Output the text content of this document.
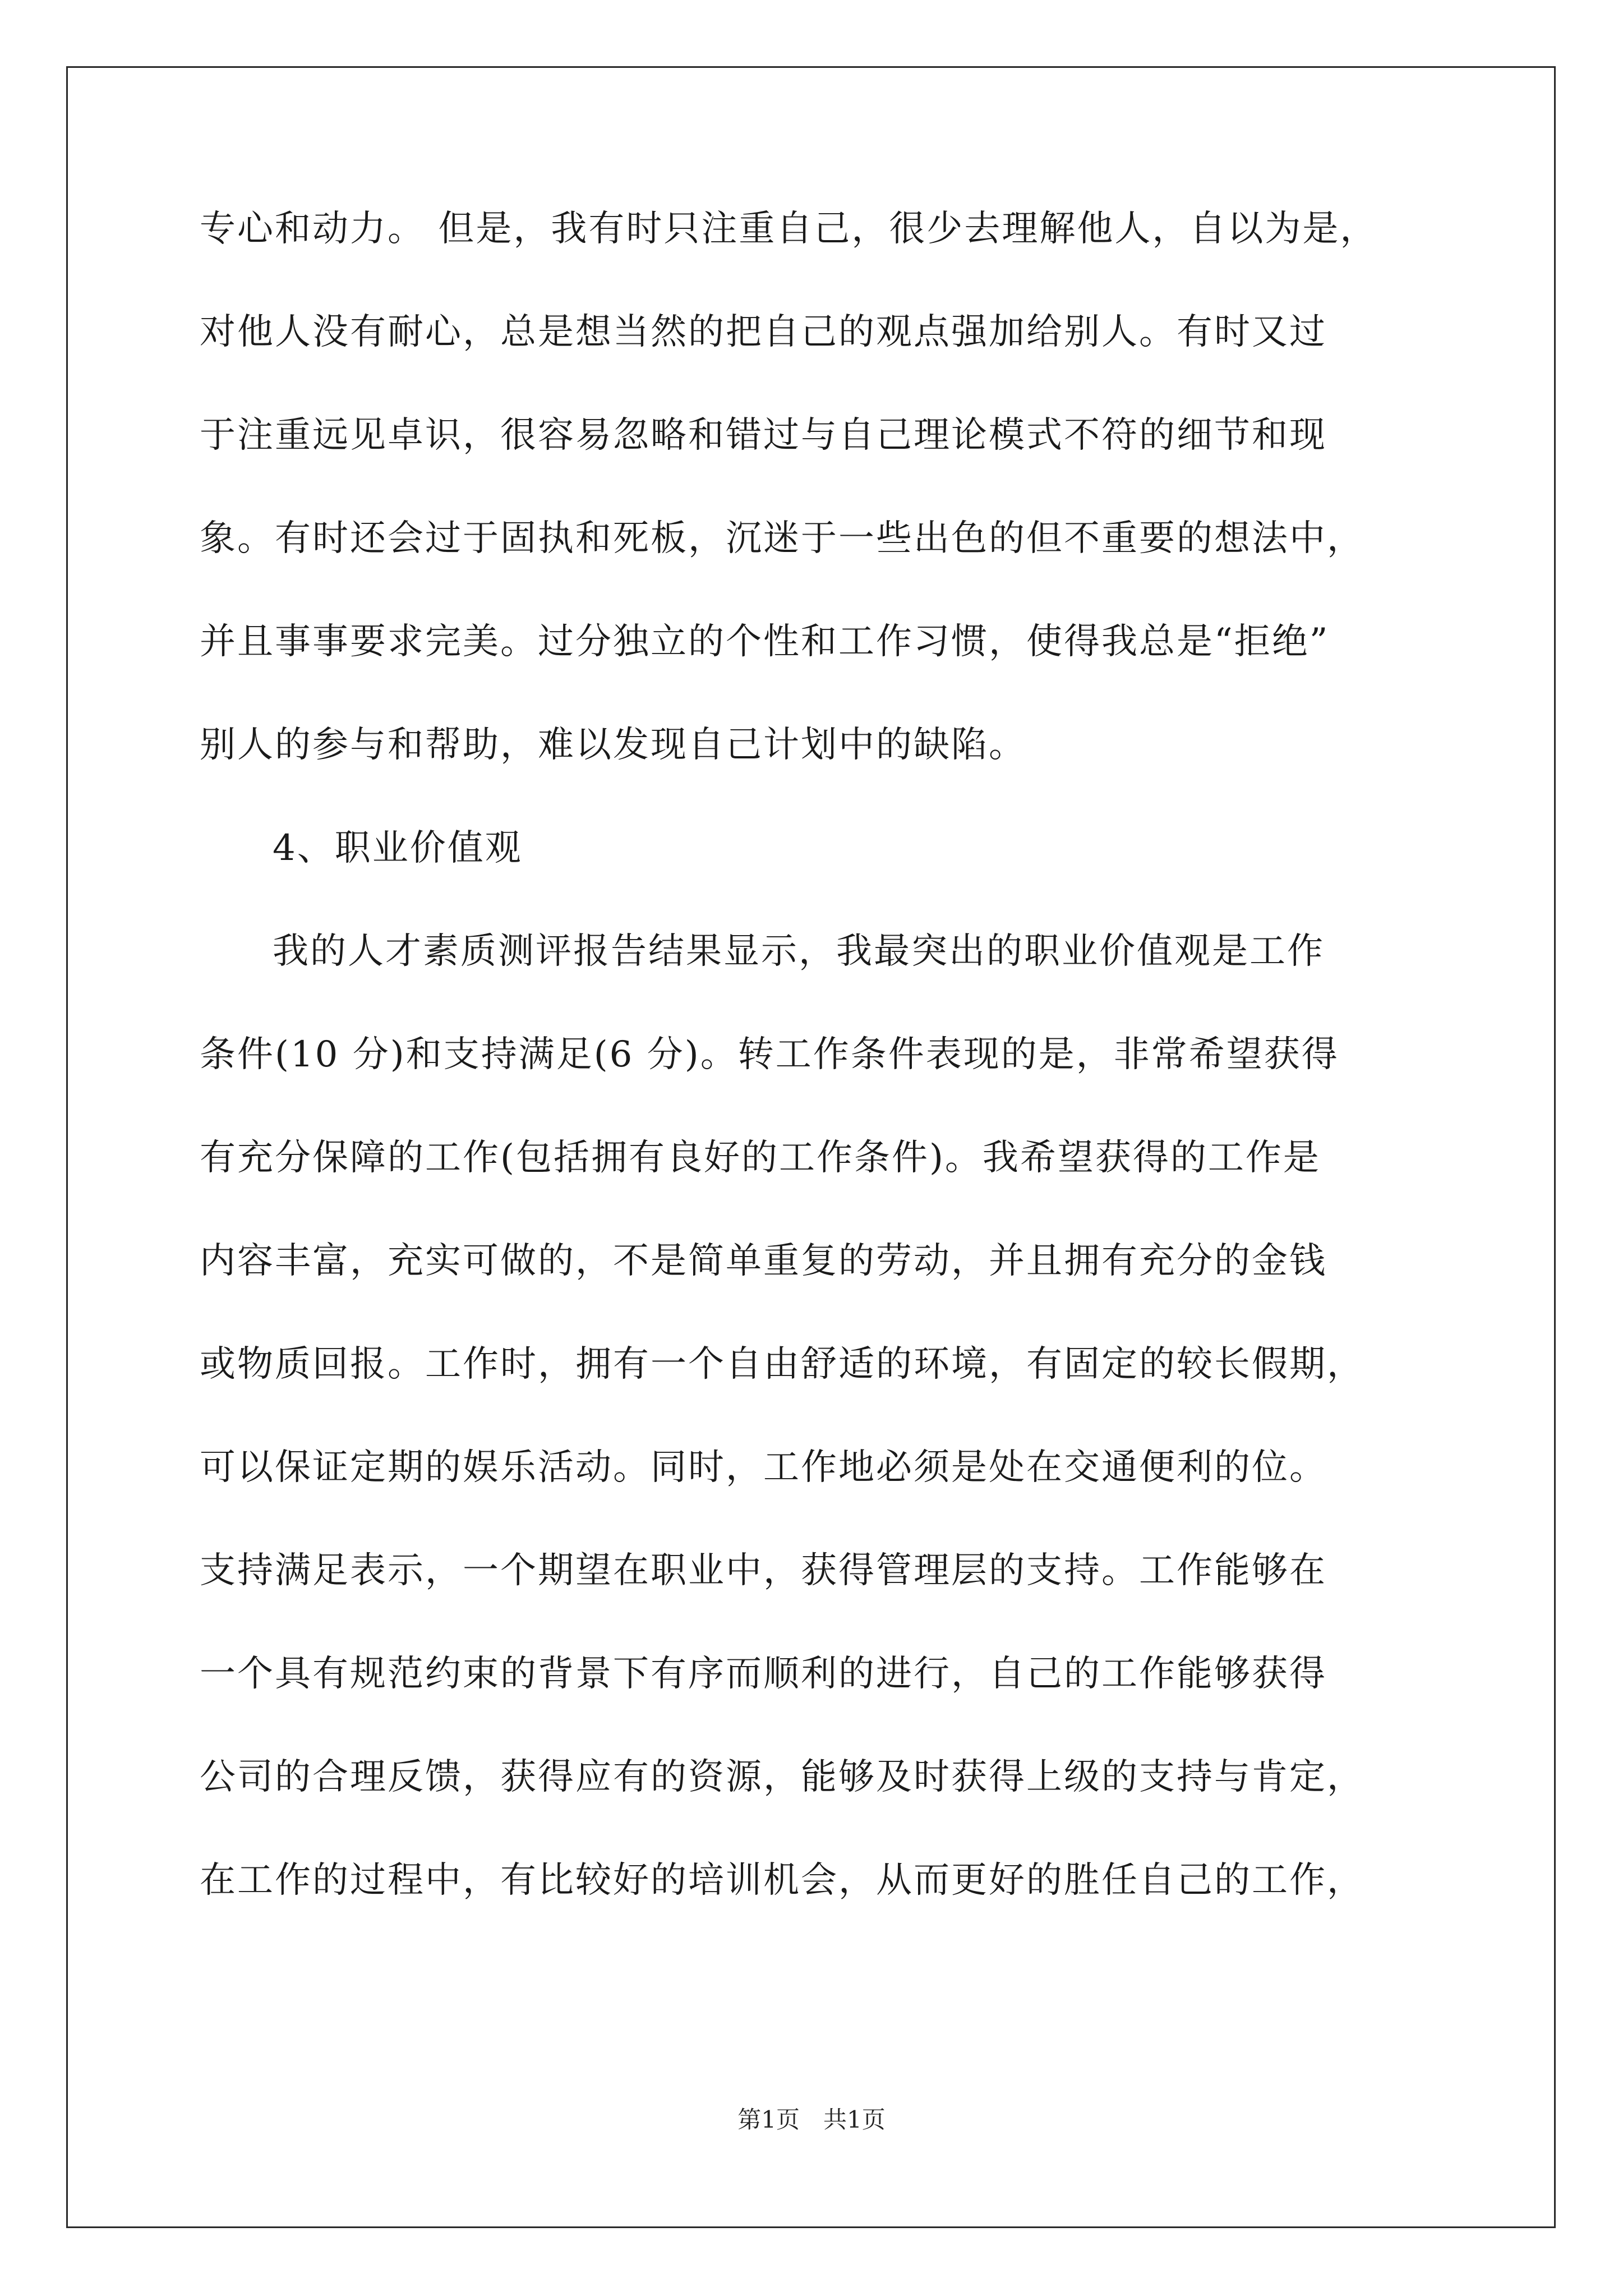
专心和动力。 但是，我有时只注重自己，很少去理解他人，自以为是，
对他人没有耐心，总是想当然的把自己的观点强加给别人。有时又过
于注重远见卓识，很容易忽略和错过与自己理论模式不符的细节和现
象。有时还会过于固执和死板，沉迷于一些出色的但不重要的想法中，
并且事事要求完美。过分独立的个性和工作习惯，使得我总是“拒绝”
别人的参与和帮助，难以发现自己计划中的缺陷。
4、职业价值观
我的人才素质测评报告结果显示，我最突出的职业价值观是工作
条件(10 分)和支持满足(6 分)。转工作条件表现的是，非常希望获得
有充分保障的工作(包括拥有良好的工作条件)。我希望获得的工作是
内容丰富，充实可做的，不是简单重复的劳动，并且拥有充分的金钱
或物质回报。工作时，拥有一个自由舒适的环境，有固定的较长假期，
可以保证定期的娱乐活动。同时，工作地必须是处在交通便利的位。
支持满足表示，一个期望在职业中，获得管理层的支持。工作能够在
一个具有规范约束的背景下有序而顺利的进行，自己的工作能够获得
公司的合理反馈，获得应有的资源，能够及时获得上级的支持与肯定，
在工作的过程中，有比较好的培训机会，从而更好的胜任自己的工作，
第1页　共1页
